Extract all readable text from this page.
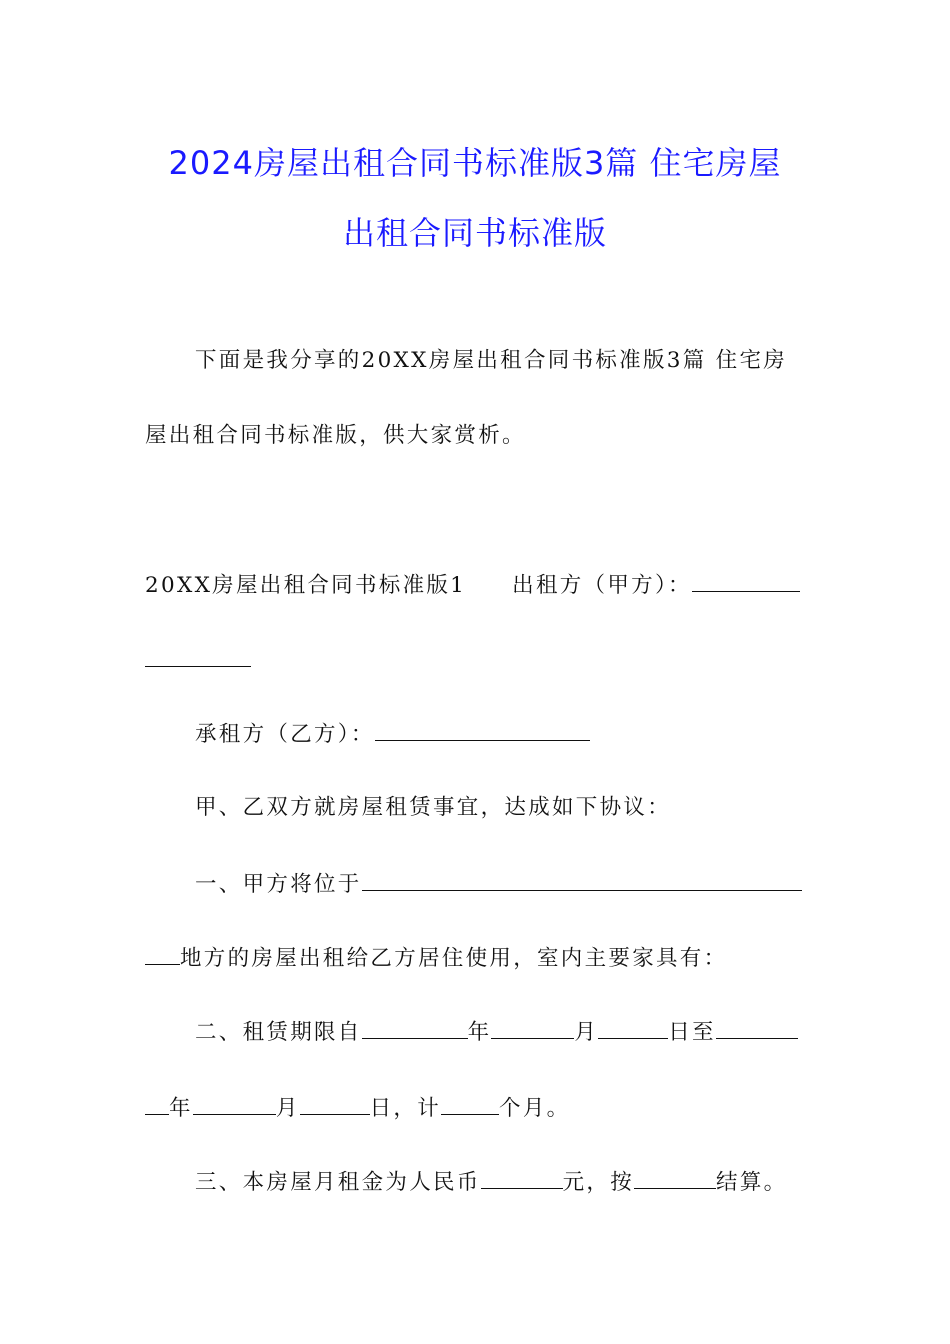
2024房屋出租合同书标准版3篇 住宅房屋
出租合同书标准版
下面是我分享的20XX房屋出租合同书标准版3篇 住宅房
屋出租合同书标准版，供大家赏析。
20XX房屋出租合同书标准版1 出租方（甲方）：
承租方（乙方）：
甲、乙双方就房屋租赁事宜，达成如下协议：
一、甲方将位于
地方的房屋出租给乙方居住使用，室内主要家具有：
二、租赁期限自	年	月	日至
年	月	日，计	个月。
三、本房屋月租金为人民币	元，按	结算。
